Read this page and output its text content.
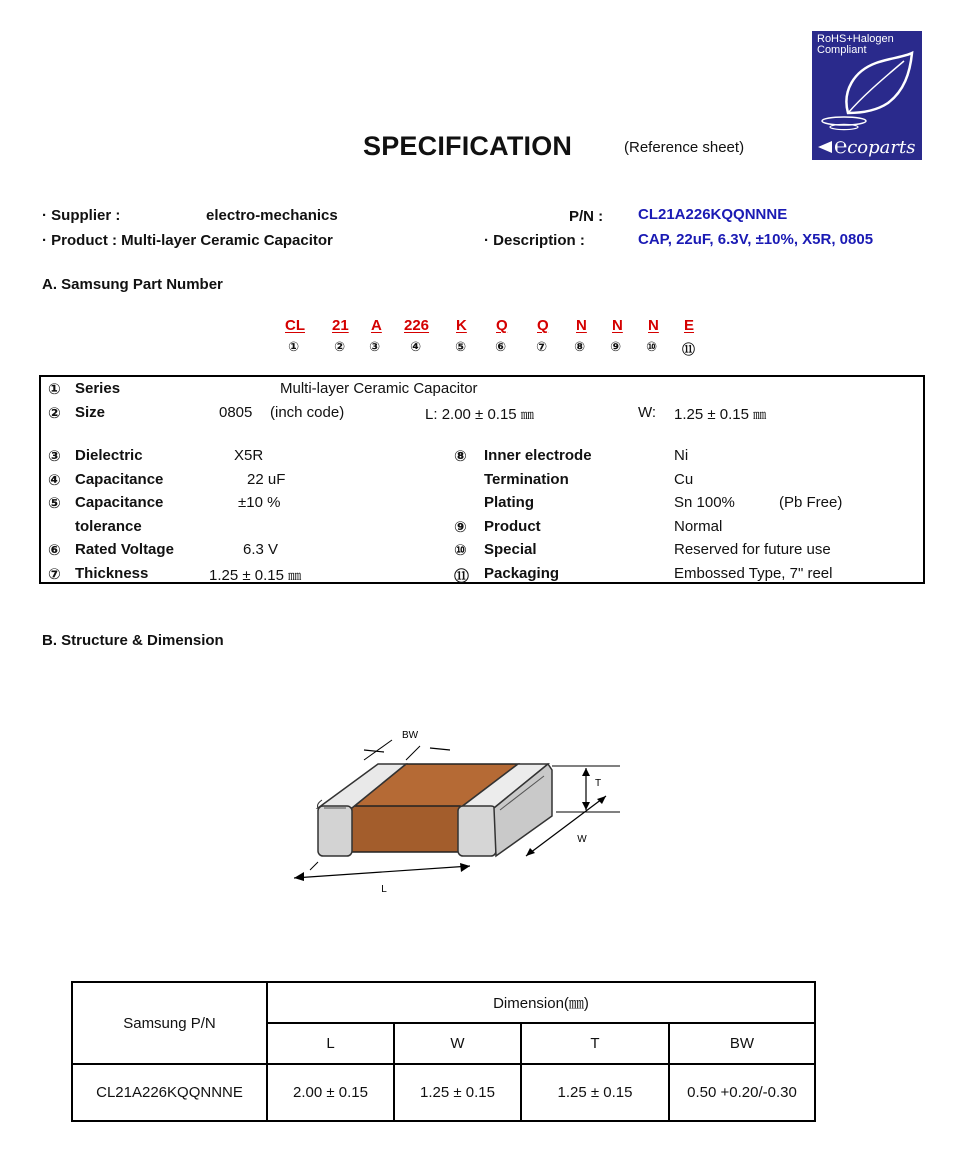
SPECIFICATION	(Reference sheet)
RoHS+Halogen
Compliant
℮coparts
· Supplier :	electro-mechanics
· Product : Multi-layer Ceramic Capacitor
P/N : CL21A226KQQNNNE
· Description :	CAP, 22uF, 6.3V, ±10%, X5R, 0805
A. Samsung Part Number
CL 21 A 226 K Q Q N N N E
①	② ③ ④	⑤ ⑥ ⑦ ⑧ ⑨ ⑩ ⑪
① Series	Multi-layer Ceramic Capacitor
② Size	0805 (inch code)	L: 2.00 ± 0.15 ㎜	W: 1.25 ± 0.15 ㎜
③ Dielectric	X5R
④ Capacitance	22 uF
⑤ Capacitance	±10 %
tolerance
⑥ Rated Voltage	6.3 V
⑦ Thickness	1.25 ± 0.15 ㎜
⑧ Inner electrode	Ni
Termination	Cu
Plating	Sn 100%	(Pb Free)
⑨ Product	Normal
⑩ Special	Reserved for future use
⑪ Packaging	Embossed Type, 7" reel
B. Structure & Dimension
BW
T
W
L
Samsung P/N	Dimension(㎜)			
	L	W	T	BW
CL21A226KQQNNNE	2.00 ± 0.15	1.25 ± 0.15	1.25 ± 0.15	0.50 +0.20/-0.30
